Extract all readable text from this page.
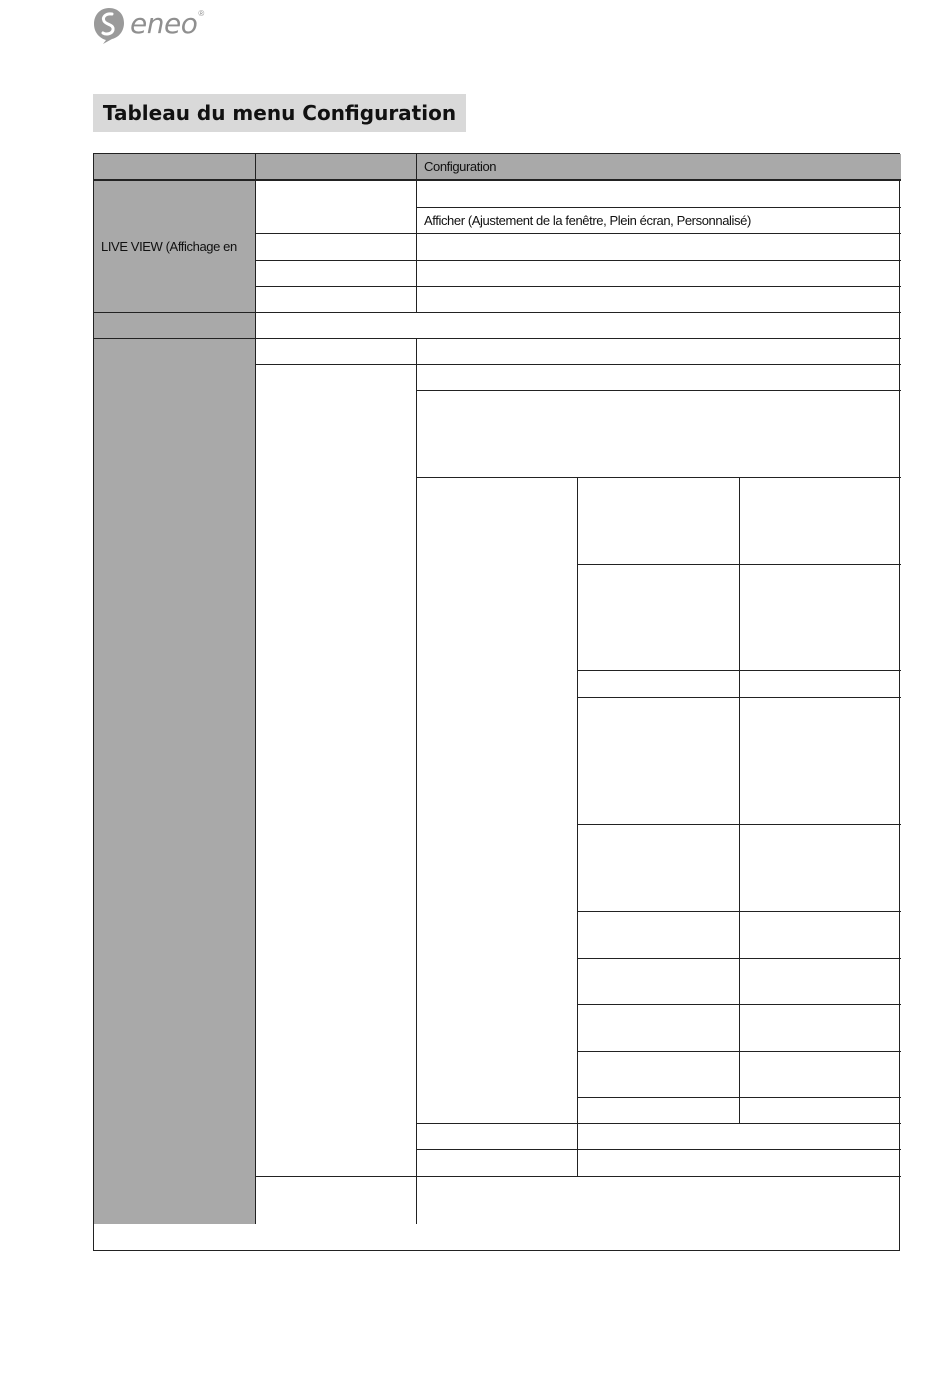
eneo ®
Tableau du menu Configuration
Configuration
LIVE VIEW (Affichage en
Afficher (Ajustement de la fenêtre, Plein écran, Personnalisé)
